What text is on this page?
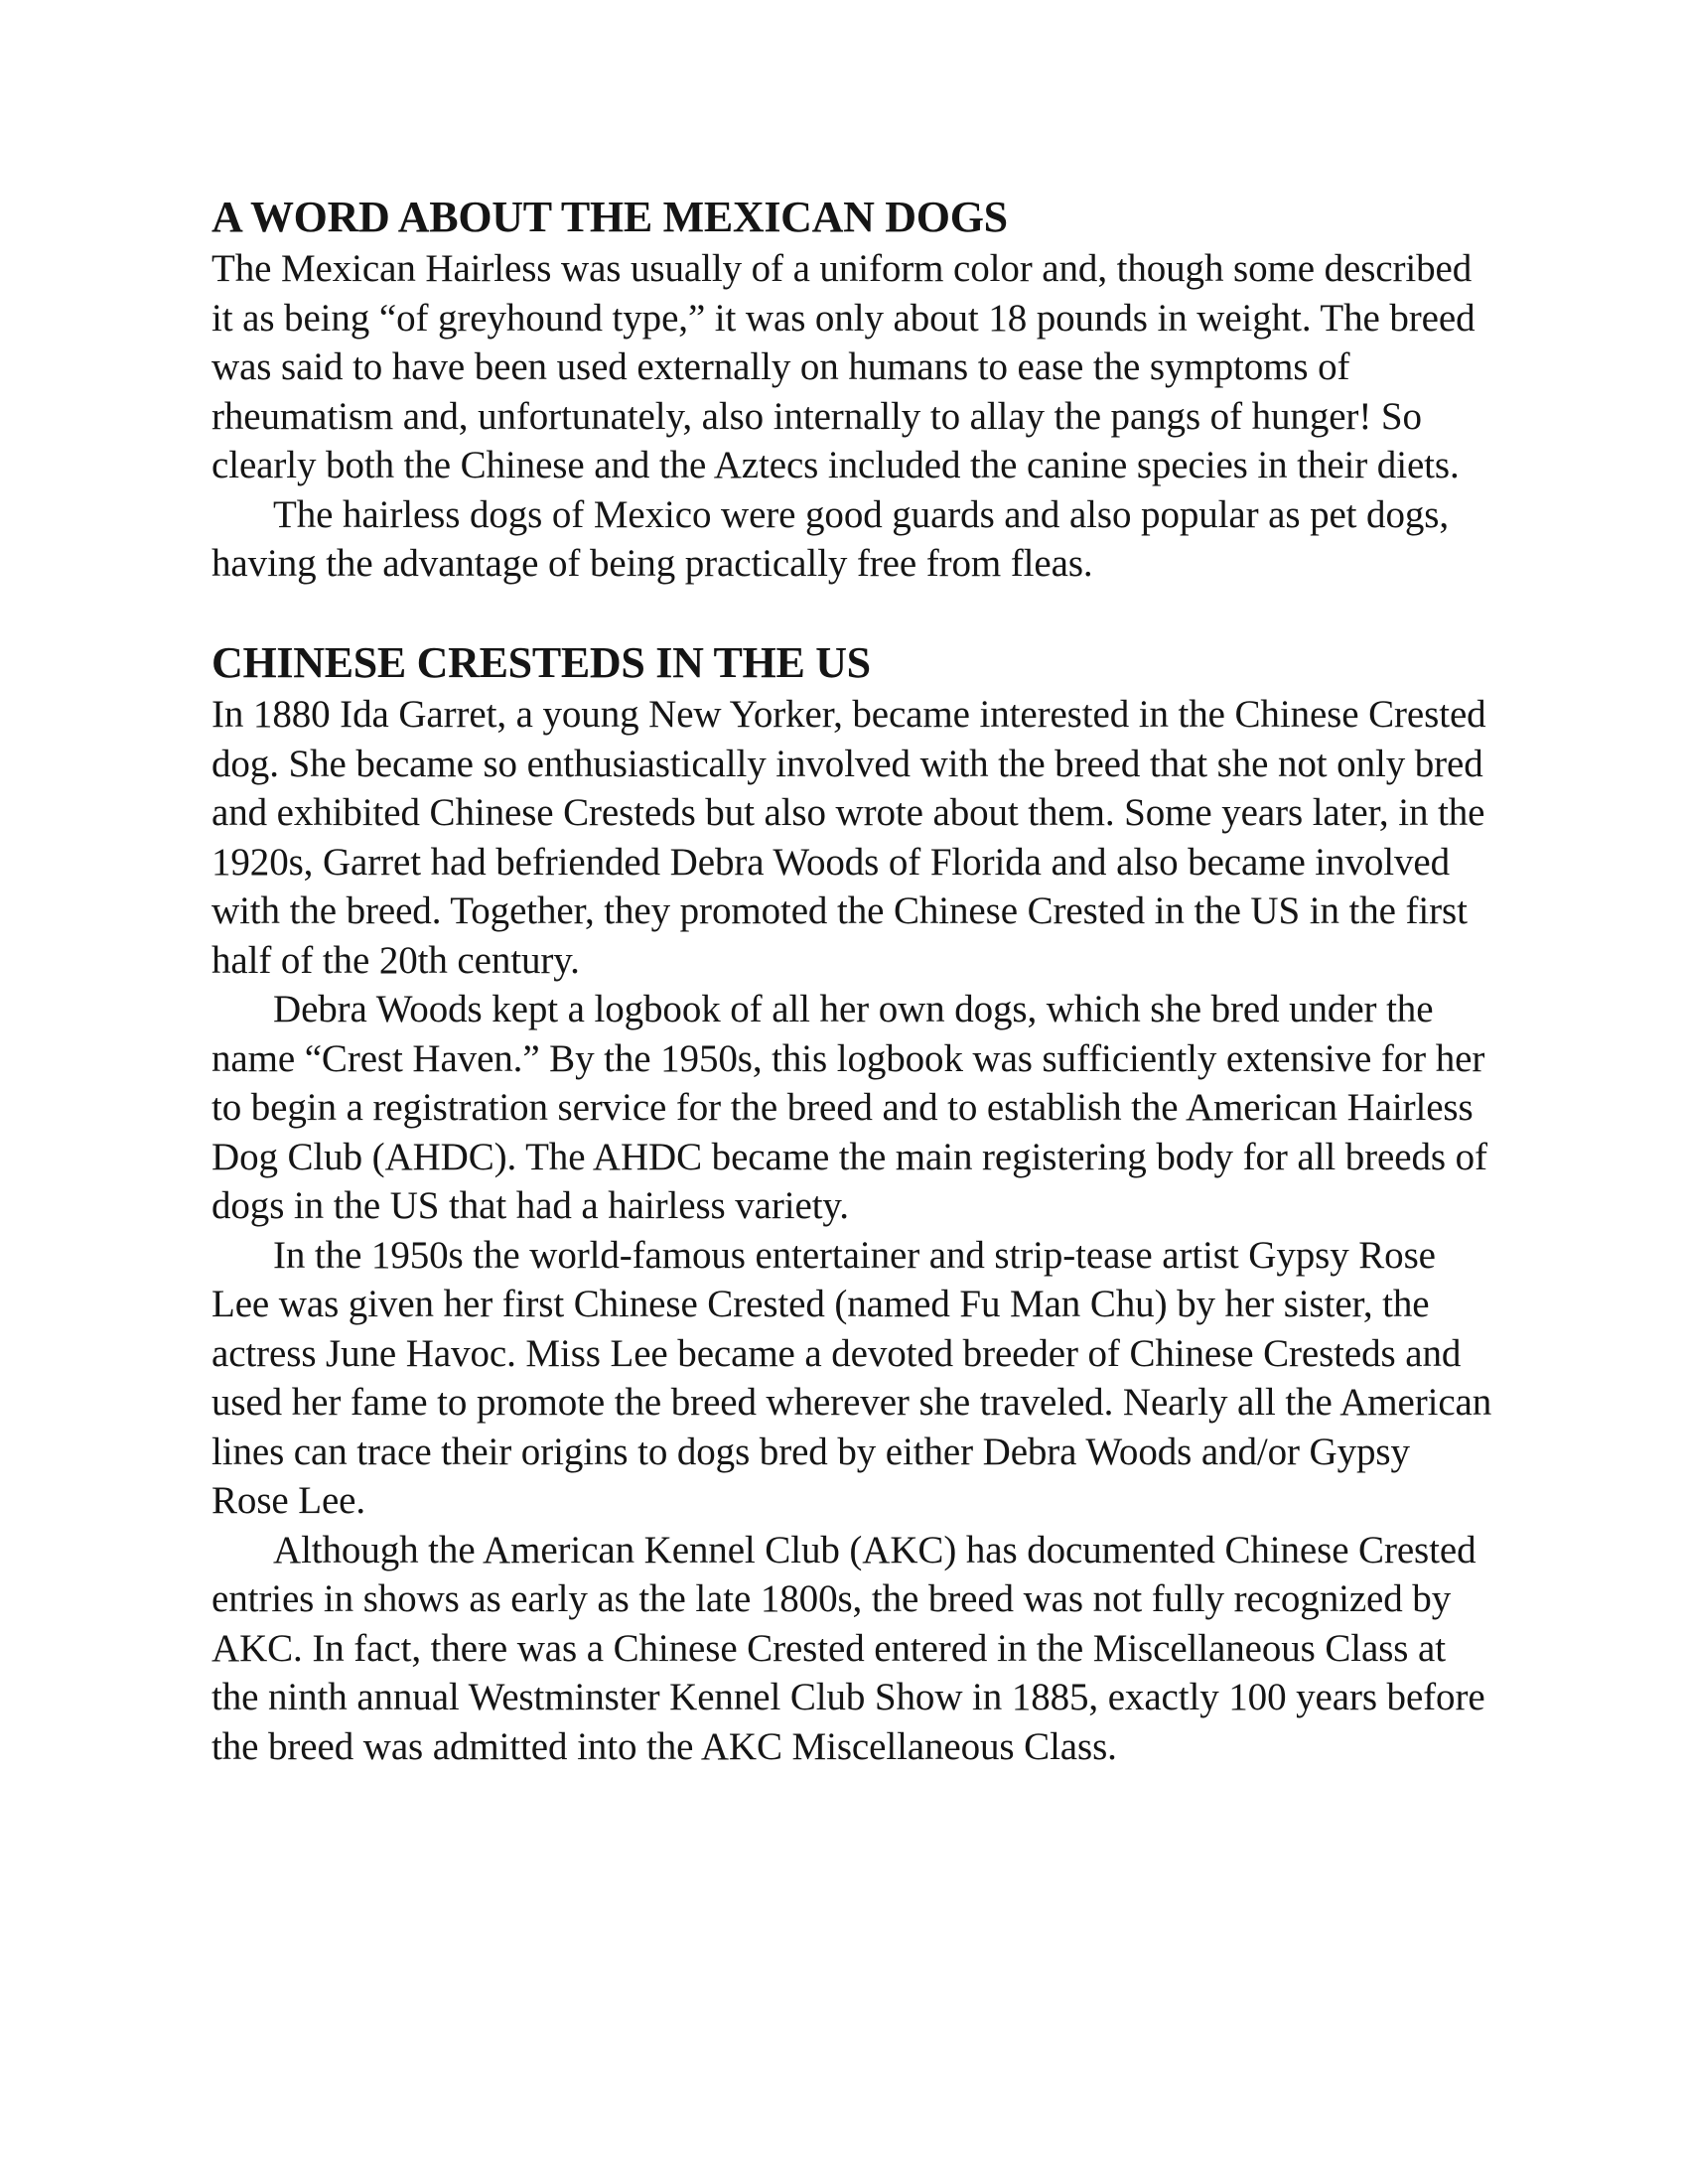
A WORD ABOUT THE MEXICAN DOGS

The Mexican Hairless was usually of a uniform color and, though some described it as being “of greyhound type,” it was only about 18 pounds in weight. The breed was said to have been used externally on humans to ease the symptoms of rheumatism and, unfortunately, also internally to allay the pangs of hunger! So clearly both the Chinese and the Aztecs included the canine species in their diets.

The hairless dogs of Mexico were good guards and also popular as pet dogs, having the advantage of being practically free from fleas.

CHINESE CRESTEDS IN THE US

In 1880 Ida Garret, a young New Yorker, became interested in the Chinese Crested dog. She became so enthusiastically involved with the breed that she not only bred and exhibited Chinese Cresteds but also wrote about them. Some years later, in the 1920s, Garret had befriended Debra Woods of Florida and also became involved with the breed. Together, they promoted the Chinese Crested in the US in the first half of the 20th century.

Debra Woods kept a logbook of all her own dogs, which she bred under the name “Crest Haven.” By the 1950s, this logbook was sufficiently extensive for her to begin a registration service for the breed and to establish the American Hairless Dog Club (AHDC). The AHDC became the main registering body for all breeds of dogs in the US that had a hairless variety.

In the 1950s the world-famous entertainer and strip-tease artist Gypsy Rose Lee was given her first Chinese Crested (named Fu Man Chu) by her sister, the actress June Havoc. Miss Lee became a devoted breeder of Chinese Cresteds and used her fame to promote the breed wherever she traveled. Nearly all the American lines can trace their origins to dogs bred by either Debra Woods and/or Gypsy Rose Lee.

Although the American Kennel Club (AKC) has documented Chinese Crested entries in shows as early as the late 1800s, the breed was not fully recognized by AKC. In fact, there was a Chinese Crested entered in the Miscellaneous Class at the ninth annual Westminster Kennel Club Show in 1885, exactly 100 years before the breed was admitted into the AKC Miscellaneous Class.
